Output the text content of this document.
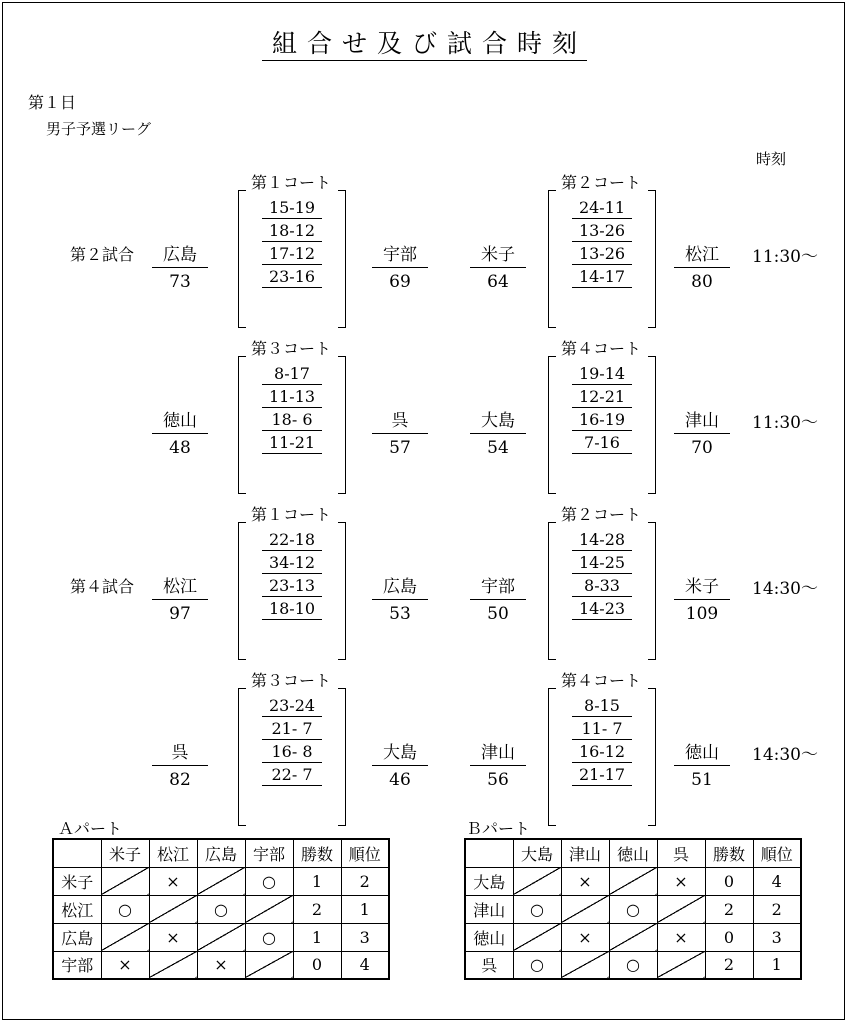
組合せ及び試合時刻
第１日
男子予選リーグ
時刻
第２試合	広島
73
第１コート
15-19
18-12
17-12
23-16
宇部
69
米子
64
第２コート
24-11
13-26
13-26
14-17
松江
80
11:30～
徳山
48
第３コート
8-17
11-13
18- 6
11-21
呉
57
大島
54
第４コート
19-14
12-21
16-19
7-16
津山
70
11:30～
第４試合	松江
97
第１コート
22-18
34-12
23-13
18-10
広島
53
宇部
50
第２コート
14-28
14-25
8-33
14-23
米子
109
14:30～
呉
82
第３コート
23-24
21- 7
16- 8
22- 7
大島
46
津山
56
第４コート
8-15
11- 7
16-12
21-17
徳山
51
14:30～
Ａパート
	米子	松江	広島	宇部	勝数	順位
米子		×		○	1	2
松江	○		○		2	1
広島		×		○	1	3
宇部	×		×		0	4
Ｂパート
	大島	津山	徳山	呉	勝数	順位
大島		×		×	0	4
津山	○		○		2	2
徳山		×		×	0	3
呉	○		○		2	1
